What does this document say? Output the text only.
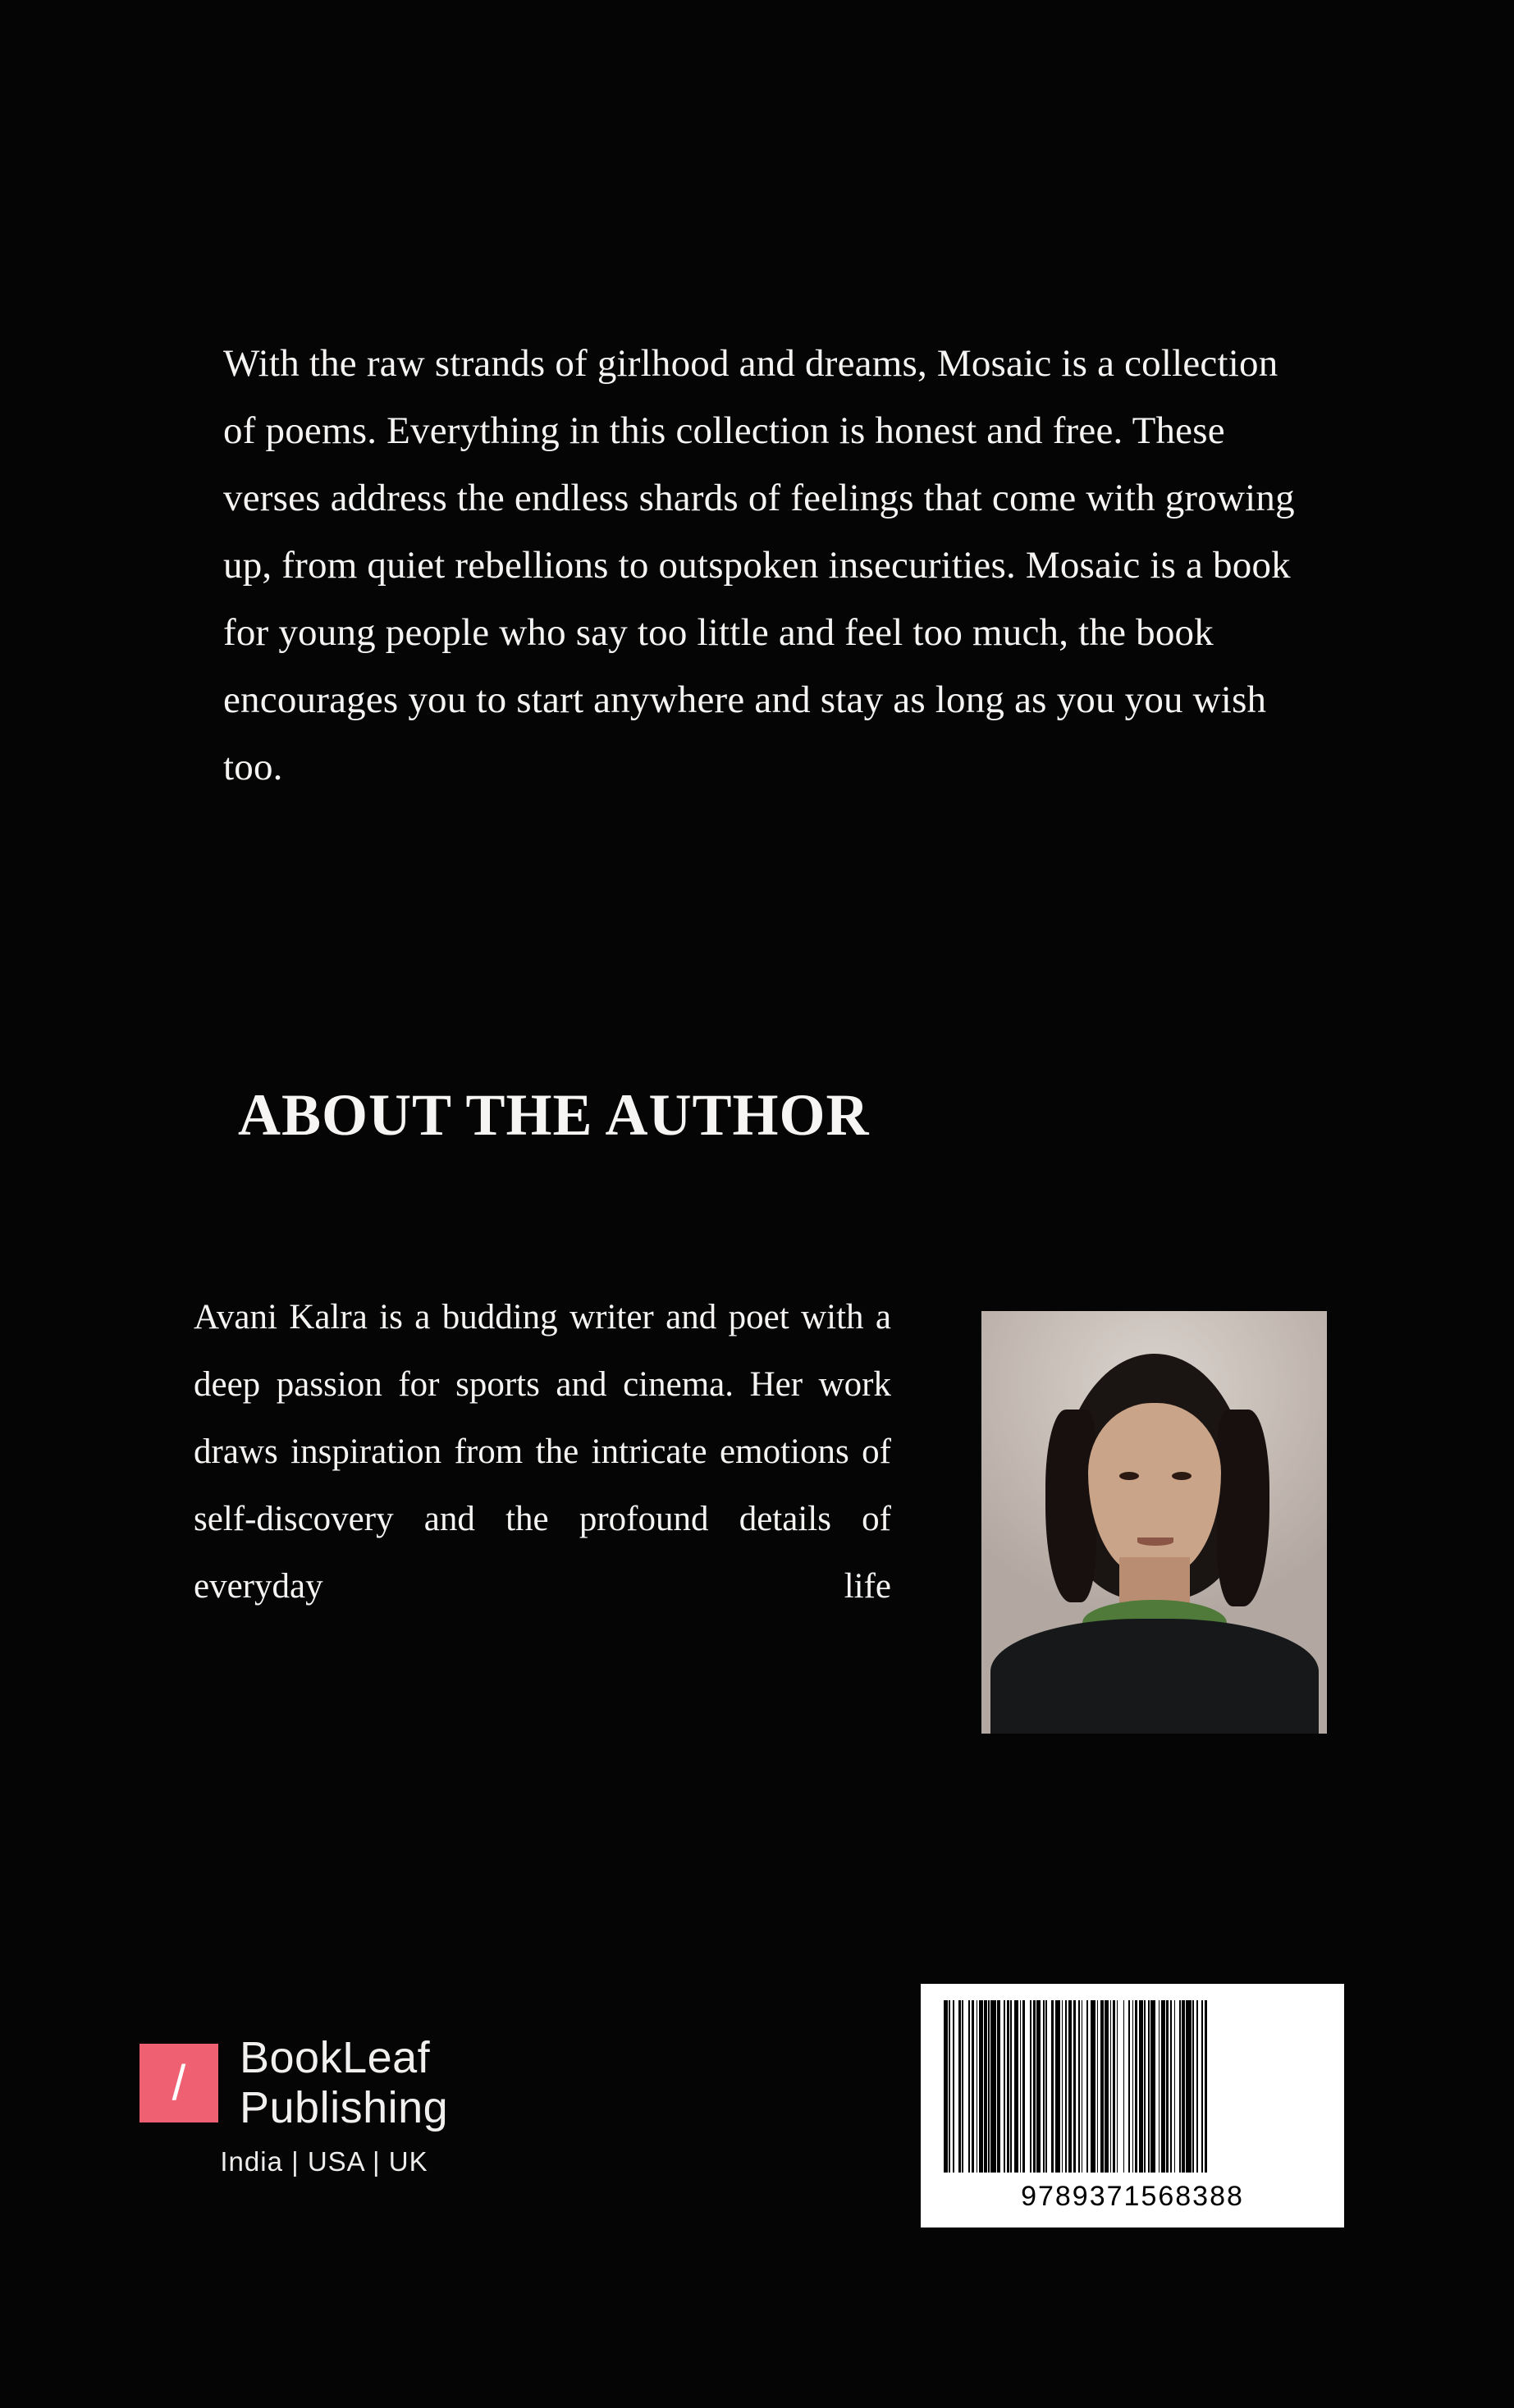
With the raw strands of girlhood and dreams, Mosaic is a collection of poems. Everything in this collection is honest and free. These verses address the endless shards of feelings that come with growing up, from quiet rebellions to outspoken insecurities. Mosaic is a book for young people who say too little and feel too much, the book encourages you to start anywhere and stay as long as you you wish too.

ABOUT THE AUTHOR

Avani Kalra is a budding writer and poet with a deep passion for sports and cinema. Her work draws inspiration from the intricate emotions of self-discovery and the profound details of everyday life

/ BookLeaf
Publishing
India | USA | UK
9789371568388
